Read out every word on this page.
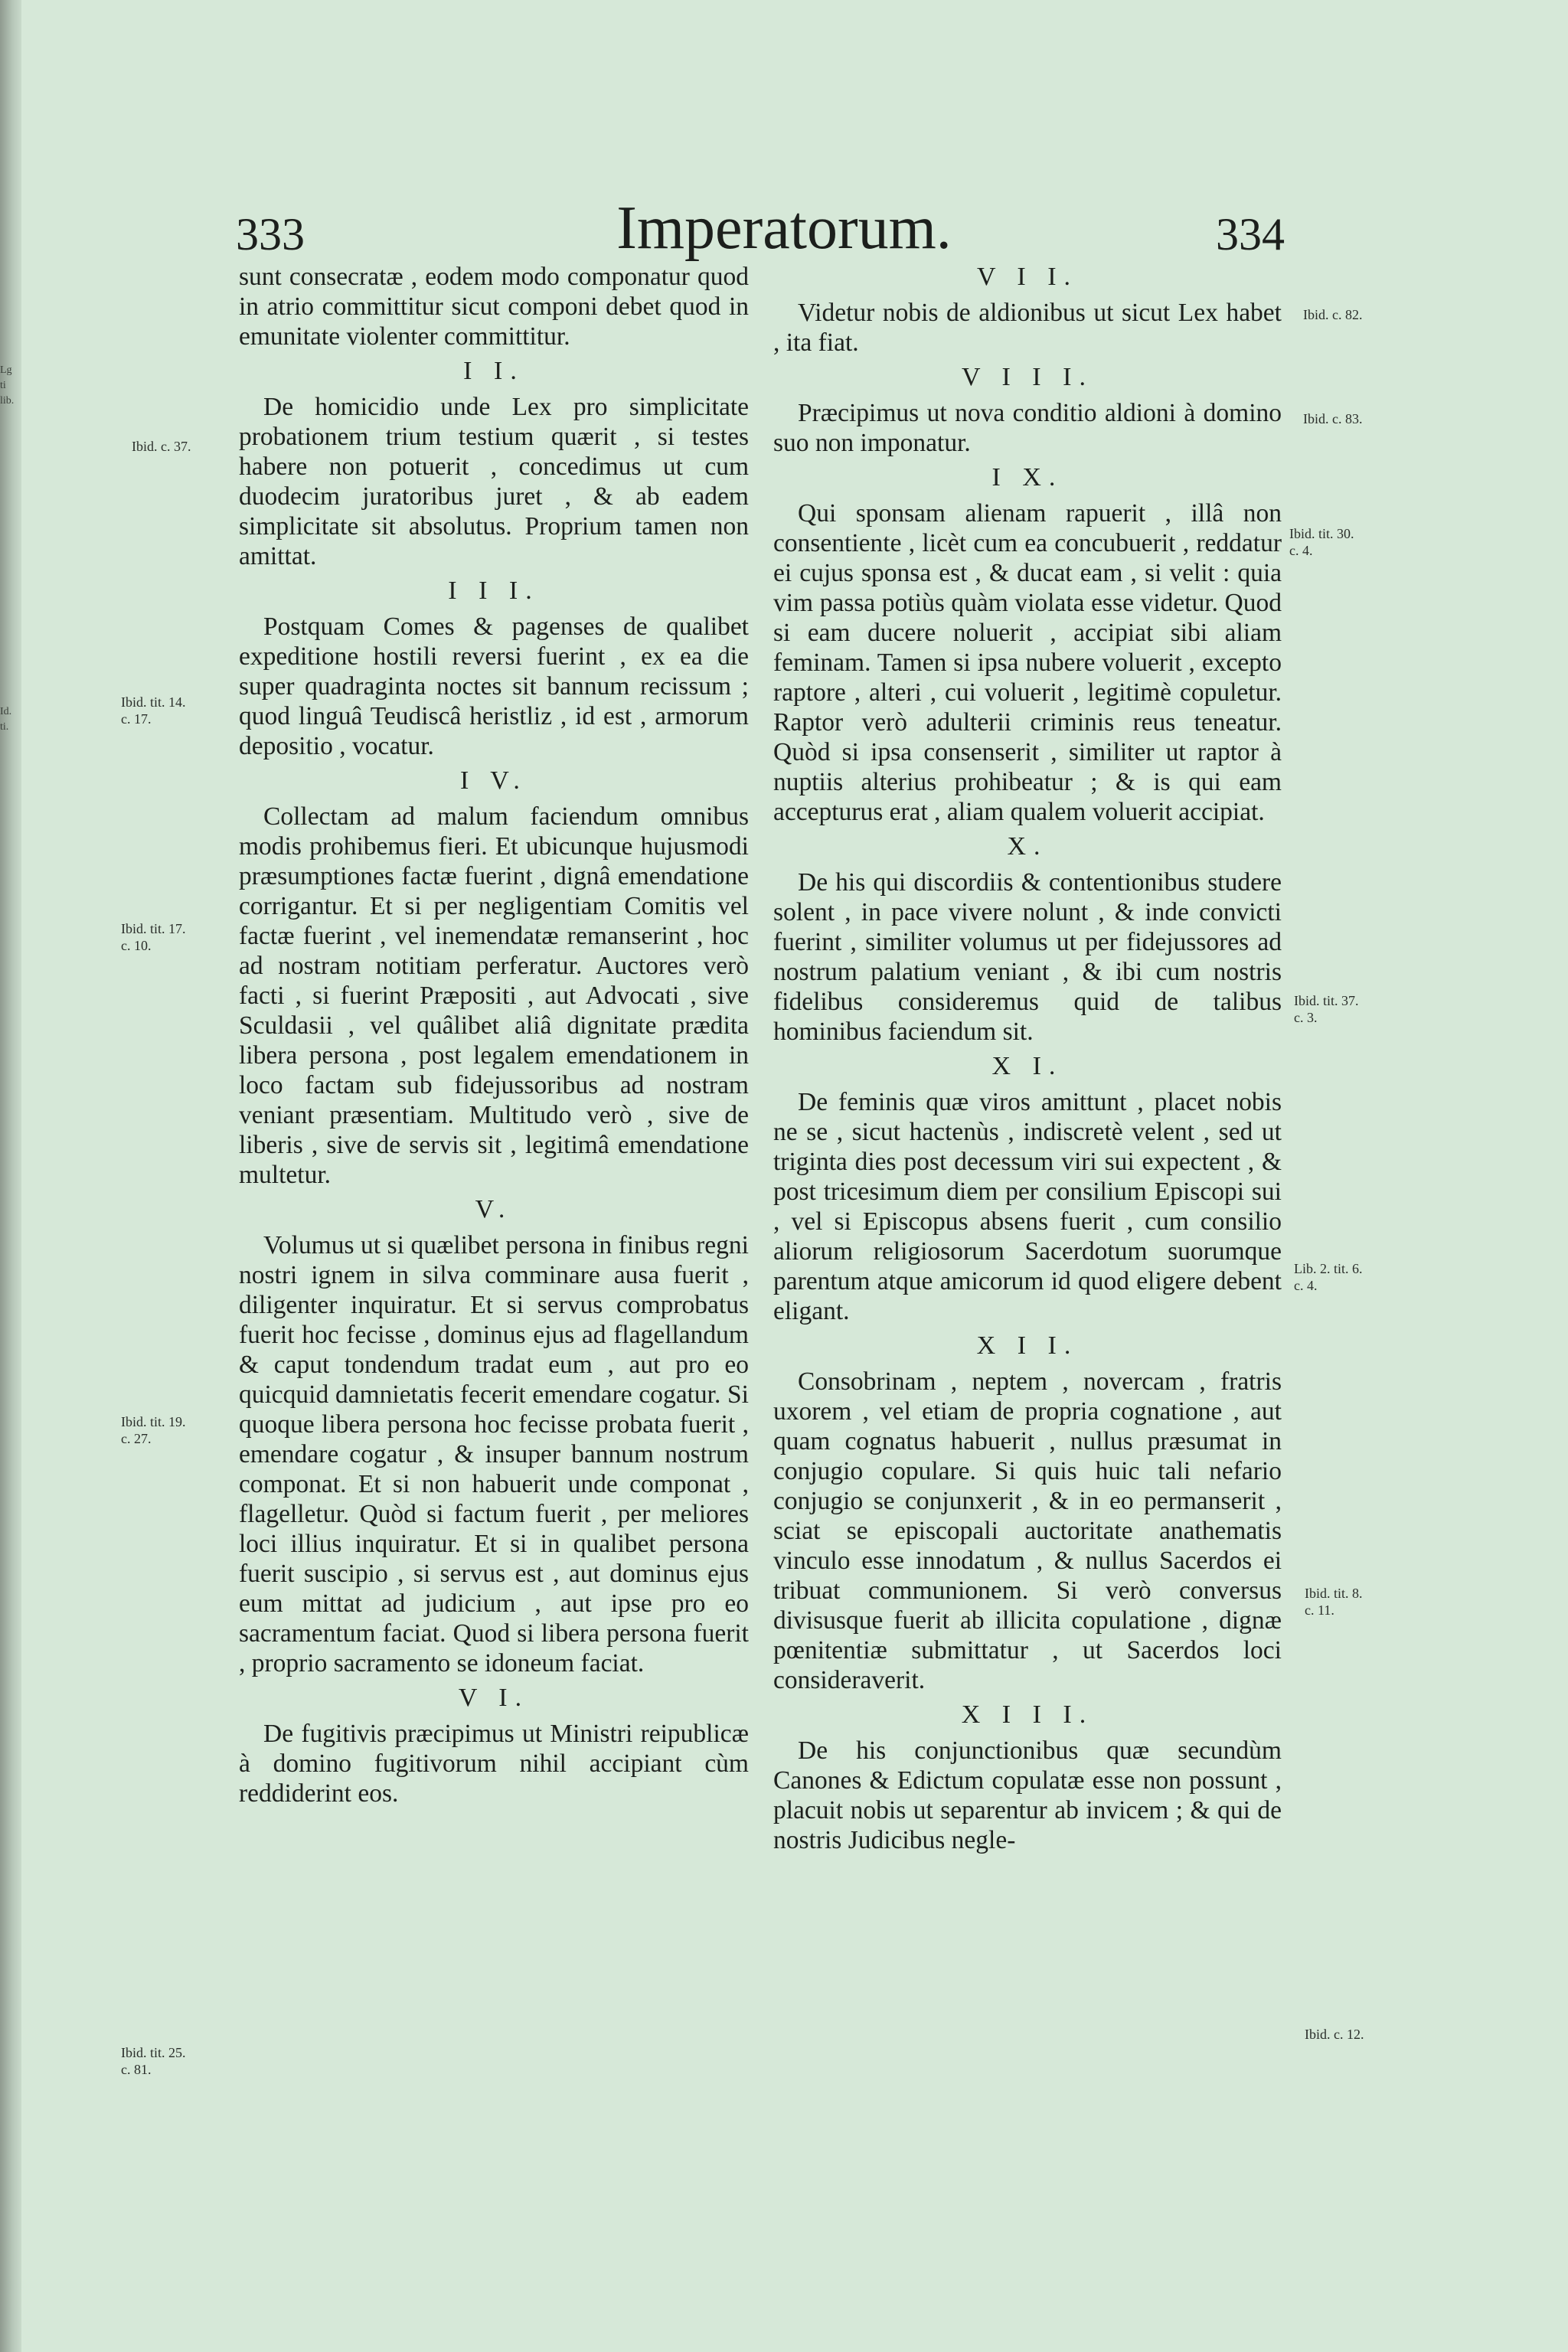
Lg
ti
lib.
Id.
ti.
Imperatorum.
333	334
Ibid. c. 37.
Ibid. tit. 14.
c. 17.
Ibid. tit. 17.
c. 10.
Ibid. tit. 19.
c. 27.
Ibid. tit. 25.
c. 81.
Ibid. c. 82.
Ibid. c. 83.
Ibid. tit. 30.
c. 4.
Ibid. tit. 37.
c. 3.
Lib. 2. tit. 6.
c. 4.
Ibid. tit. 8.
c. 11.
Ibid. c. 12.

sunt consecratæ , eodem modo componatur quod in atrio committitur sicut componi debet quod in emunitate violenter committitur.

I I.

De homicidio unde Lex pro simplicitate probationem trium testium quærit , si testes habere non potuerit , concedimus ut cum duodecim juratoribus juret , & ab eadem simplicitate sit absolutus. Proprium tamen non amittat.

I I I.

Postquam Comes & pagenses de qualibet expeditione hostili reversi fuerint , ex ea die super quadraginta noctes sit bannum recissum ; quod linguâ Teudiscâ heristliz , id est , armorum depositio , vocatur.

I V.

Collectam ad malum faciendum omnibus modis prohibemus fieri. Et ubicunque hujusmodi præsumptiones factæ fuerint , dignâ emendatione corrigantur. Et si per negligentiam Comitis vel factæ fuerint , vel inemendatæ remanserint , hoc ad nostram notitiam perferatur. Auctores verò facti , si fuerint Præpositi , aut Advocati , sive Sculdasii , vel quâlibet aliâ dignitate prædita libera persona , post legalem emendationem in loco factam sub fidejussoribus ad nostram veniant præsentiam. Multitudo verò , sive de liberis , sive de servis sit , legitimâ emendatione multetur.

V.

Volumus ut si quælibet persona in finibus regni nostri ignem in silva comminare ausa fuerit , diligenter inquiratur. Et si servus comprobatus fuerit hoc fecisse , dominus ejus ad flagellandum & caput tondendum tradat eum , aut pro eo quicquid damnietatis fecerit emendare cogatur. Si quoque libera persona hoc fecisse probata fuerit , emendare cogatur , & insuper bannum nostrum componat. Et si non habuerit unde componat , flagelletur. Quòd si factum fuerit , per meliores loci illius inquiratur. Et si in qualibet persona fuerit suscipio , si servus est , aut dominus ejus eum mittat ad judicium , aut ipse pro eo sacramentum faciat. Quod si libera persona fuerit , proprio sacramento se idoneum faciat.

V I.

De fugitivis præcipimus ut Ministri reipublicæ à domino fugitivorum nihil accipiant cùm reddiderint eos.

V I I.

Videtur nobis de aldionibus ut sicut Lex habet , ita fiat.

V I I I.

Præcipimus ut nova conditio aldioni à domino suo non imponatur.

I X.

Qui sponsam alienam rapuerit , illâ non consentiente , licèt cum ea concubuerit , reddatur ei cujus sponsa est , & ducat eam , si velit : quia vim passa potiùs quàm violata esse videtur. Quod si eam ducere noluerit , accipiat sibi aliam feminam. Tamen si ipsa nubere voluerit , excepto raptore , alteri , cui voluerit , legitimè copuletur. Raptor verò adulterii criminis reus teneatur. Quòd si ipsa consenserit , similiter ut raptor à nuptiis alterius prohibeatur ; & is qui eam accepturus erat , aliam qualem voluerit accipiat.

X.

De his qui discordiis & contentionibus studere solent , in pace vivere nolunt , & inde convicti fuerint , similiter volumus ut per fidejussores ad nostrum palatium veniant , & ibi cum nostris fidelibus consideremus quid de talibus hominibus faciendum sit.

X I.

De feminis quæ viros amittunt , placet nobis ne se , sicut hactenùs , indiscretè velent , sed ut triginta dies post decessum viri sui expectent , & post tricesimum diem per consilium Episcopi sui , vel si Episcopus absens fuerit , cum consilio aliorum religiosorum Sacerdotum suorumque parentum atque amicorum id quod eligere debent eligant.

X I I.

Consobrinam , neptem , novercam , fratris uxorem , vel etiam de propria cognatione , aut quam cognatus habuerit , nullus præsumat in conjugio copulare. Si quis huic tali nefario conjugio se conjunxerit , & in eo permanserit , sciat se episcopali auctoritate anathematis vinculo esse innodatum , & nullus Sacerdos ei tribuat communionem. Si verò conversus divisusque fuerit ab illicita copulatione , dignæ pœnitentiæ submittatur , ut Sacerdos loci consideraverit.

X I I I.

De his conjunctionibus quæ secundùm Canones & Edictum copulatæ esse non possunt , placuit nobis ut separentur ab invicem ; & qui de nostris Judicibus negle-
